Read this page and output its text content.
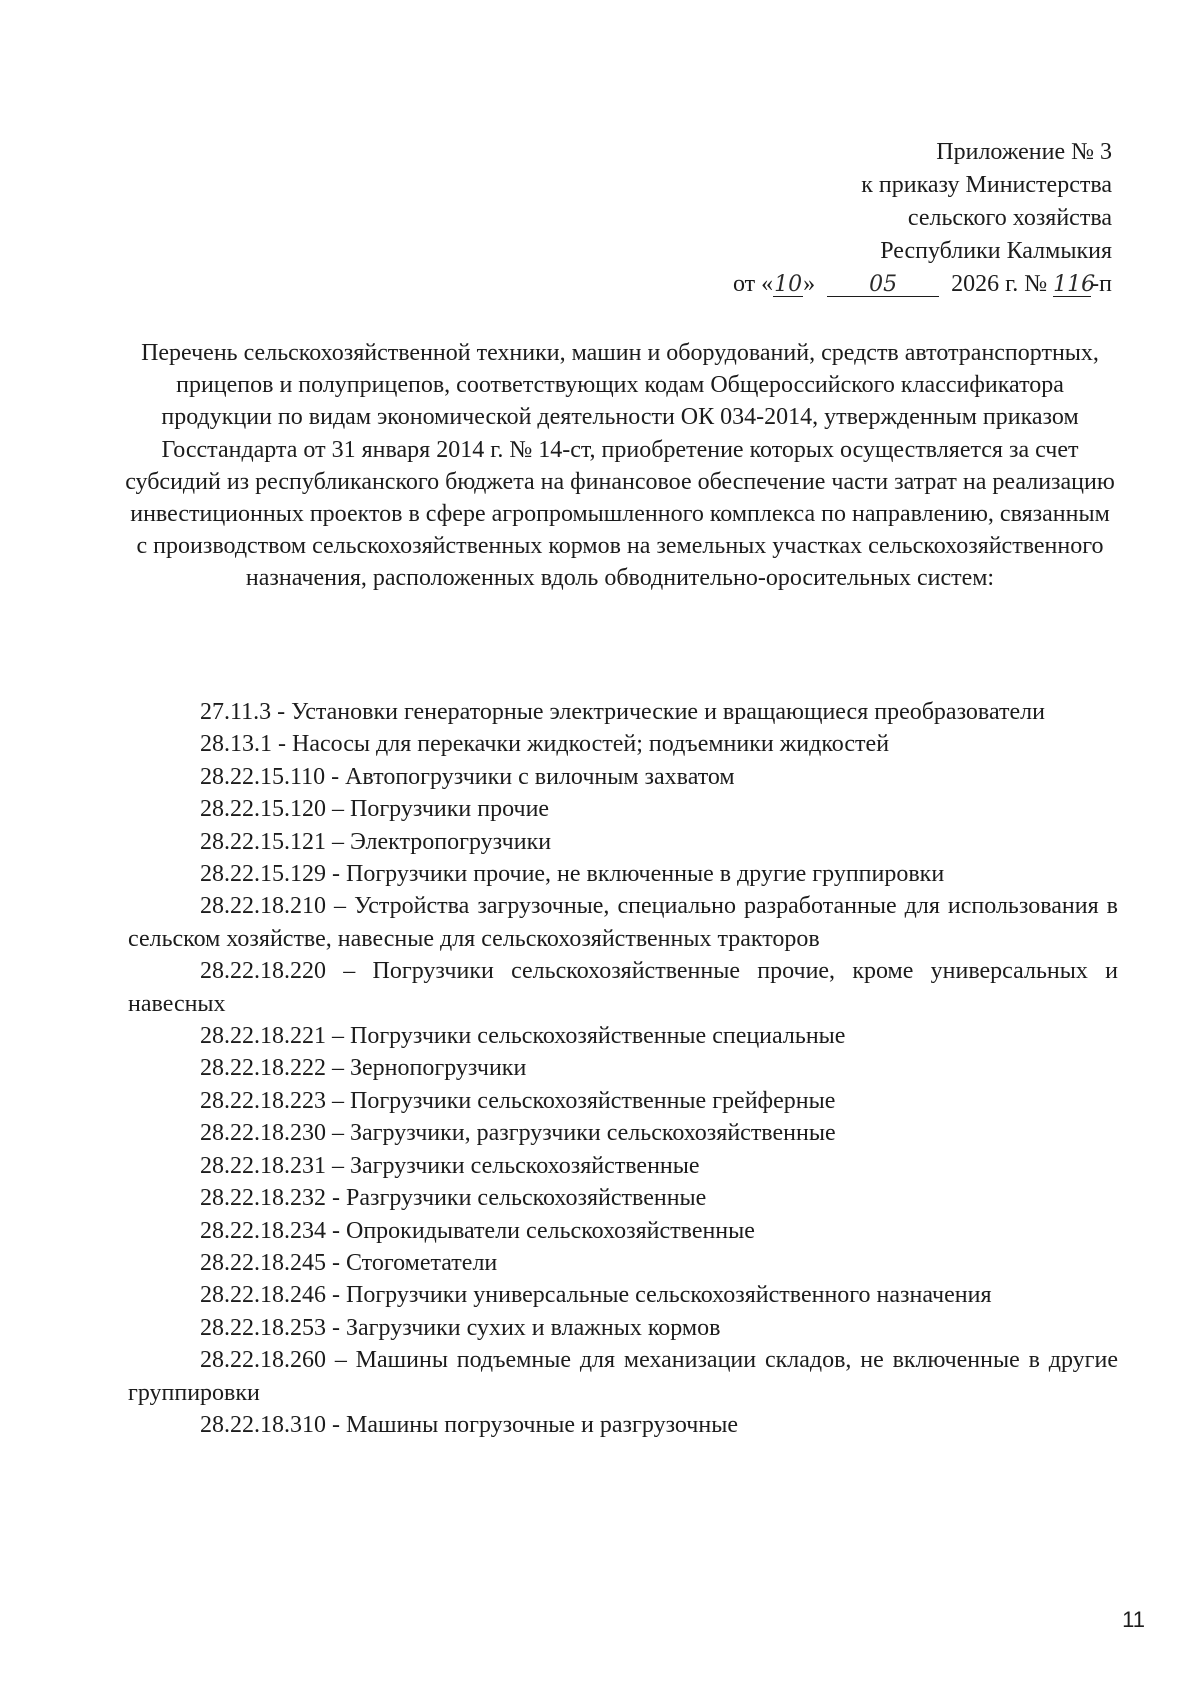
Приложение № 3
к приказу Министерства
сельского хозяйства
Республики Калмыкия
от «10» 05 2026 г. № 116-п
Перечень сельскохозяйственной техники, машин и оборудований, средств автотранспортных, прицепов и полуприцепов, соответствующих кодам Общероссийского классификатора продукции по видам экономической деятельности ОК 034-2014, утвержденным приказом Госстандарта от 31 января 2014 г. № 14-ст, приобретение которых осуществляется за счет субсидий из республиканского бюджета на финансовое обеспечение части затрат на реализацию инвестиционных проектов в сфере агропромышленного комплекса по направлению, связанным с производством сельскохозяйственных кормов на земельных участках сельскохозяйственного назначения, расположенных вдоль обводнительно-оросительных систем:
27.11.3 - Установки генераторные электрические и вращающиеся преобразователи
28.13.1 - Насосы для перекачки жидкостей; подъемники жидкостей
28.22.15.110 - Автопогрузчики с вилочным захватом
28.22.15.120 – Погрузчики прочие
28.22.15.121 – Электропогрузчики
28.22.15.129 - Погрузчики прочие, не включенные в другие группировки
28.22.18.210 – Устройства загрузочные, специально разработанные для использования в сельском хозяйстве, навесные для сельскохозяйственных тракторов
28.22.18.220 – Погрузчики сельскохозяйственные прочие, кроме универсальных и навесных
28.22.18.221 – Погрузчики сельскохозяйственные специальные
28.22.18.222 – Зернопогрузчики
28.22.18.223 – Погрузчики сельскохозяйственные грейферные
28.22.18.230 – Загрузчики, разгрузчики сельскохозяйственные
28.22.18.231 – Загрузчики сельскохозяйственные
28.22.18.232 - Разгрузчики сельскохозяйственные
28.22.18.234 - Опрокидыватели сельскохозяйственные
28.22.18.245 - Стогометатели
28.22.18.246 - Погрузчики универсальные сельскохозяйственного назначения
28.22.18.253 - Загрузчики сухих и влажных кормов
28.22.18.260 – Машины подъемные для механизации складов, не включенные в другие группировки
28.22.18.310 - Машины погрузочные и разгрузочные
11
